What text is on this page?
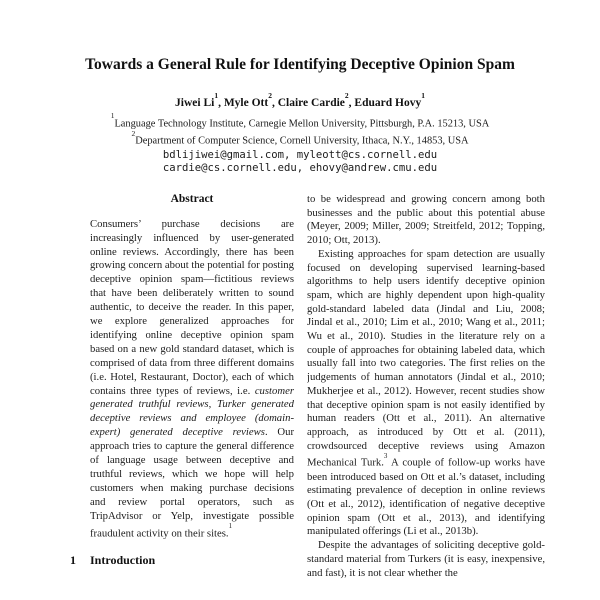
Towards a General Rule for Identifying Deceptive Opinion Spam
Jiwei Li$^1$, Myle Ott$^2$, Claire Cardie$^2$, Eduard Hovy$^1$
$^1$Language Technology Institute, Carnegie Mellon University, Pittsburgh, P.A. 15213, USA
$^2$Department of Computer Science, Cornell University, Ithaca, N.Y., 14853, USA
bdlijiwei@gmail.com, myleott@cs.cornell.edu
cardie@cs.cornell.edu, ehovy@andrew.cmu.edu
Abstract
Consumers’ purchase decisions are increasingly influenced by user-generated online reviews. Accordingly, there has been growing concern about the potential for posting deceptive opinion spam—fictitious reviews that have been deliberately written to sound authentic, to deceive the reader. In this paper, we explore generalized approaches for identifying online deceptive opinion spam based on a new gold standard dataset, which is comprised of data from three different domains (i.e. Hotel, Restaurant, Doctor), each of which contains three types of reviews, i.e. customer generated truthful reviews, Turker generated deceptive reviews and employee (domain-expert) generated deceptive reviews. Our approach tries to capture the general difference of language usage between deceptive and truthful reviews, which we hope will help customers when making purchase decisions and review portal operators, such as TripAdvisor or Yelp, investigate possible fraudulent activity on their sites.$^1$
1	Introduction

to be widespread and growing concern among both businesses and the public about this potential abuse (Meyer, 2009; Miller, 2009; Streitfeld, 2012; Topping, 2010; Ott, 2013).

Existing approaches for spam detection are usually focused on developing supervised learning-based algorithms to help users identify deceptive opinion spam, which are highly dependent upon high-quality gold-standard labeled data (Jindal and Liu, 2008; Jindal et al., 2010; Lim et al., 2010; Wang et al., 2011; Wu et al., 2010). Studies in the literature rely on a couple of approaches for obtaining labeled data, which usually fall into two categories. The first relies on the judgements of human annotators (Jindal et al., 2010; Mukherjee et al., 2012). However, recent studies show that deceptive opinion spam is not easily identified by human readers (Ott et al., 2011). An alternative approach, as introduced by Ott et al. (2011), crowdsourced deceptive reviews using Amazon Mechanical Turk.$^3$ A couple of follow-up works have been introduced based on Ott et al.’s dataset, including estimating prevalence of deception in online reviews (Ott et al., 2012), identification of negative deceptive opinion spam (Ott et al., 2013), and identifying manipulated offerings (Li et al., 2013b).

Despite the advantages of soliciting deceptive gold-standard material from Turkers (it is easy, inexpensive, and fast), it is not clear whether the
